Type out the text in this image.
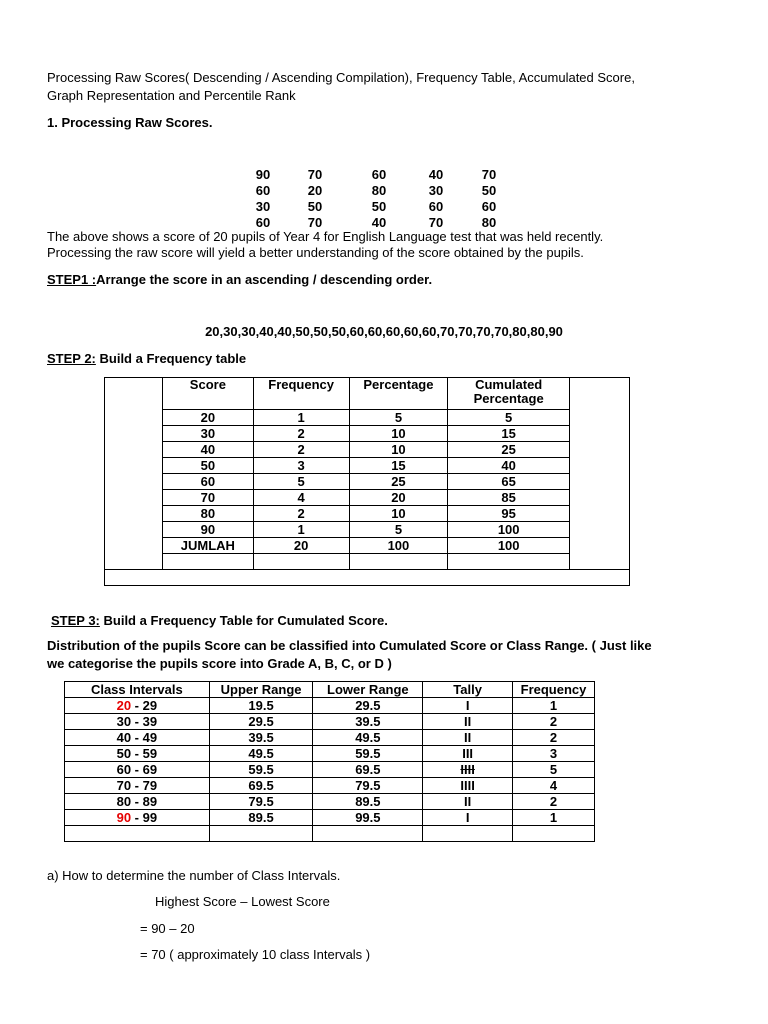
Processing Raw Scores( Descending / Ascending Compilation), Frequency Table, Accumulated Score,
Graph Representation and Percentile Rank
1. Processing Raw Scores.
90	70	60	40	70
60	20	80	30	50
30	50	50	60	60
60	70	40	70	80
The above shows a score of 20 pupils of Year 4 for English Language test that was held recently.
Processing the raw score will yield a better understanding of the score obtained by the pupils.
STEP1 :Arrange the score in an ascending / descending order.
20,30,30,40,40,50,50,50,60,60,60,60,60,70,70,70,70,80,80,90
STEP 2: Build a Frequency table
Score	Frequency	Percentage	Cumulated Percentage
20	1	5	5
30	2	10	15
40	2	10	25
50	3	15	40
60	5	25	65
70	4	20	85
80	2	10	95
90	1	5	100
JUMLAH	20	100	100

STEP 3: Build a Frequency Table for Cumulated Score.
Distribution of the pupils Score can be classified into Cumulated Score or Class Range. ( Just like
we categorise the pupils score into Grade A, B, C, or D )
Class Intervals	Upper Range	Lower Range	Tally	Frequency
20 - 29	19.5	29.5	I	1
30 - 39	29.5	39.5	II	2
40 - 49	39.5	49.5	II	2
50 - 59	49.5	59.5	III	3
60 - 69	59.5	69.5	IIII	5
70 - 79	69.5	79.5	IIII	4
80 - 89	79.5	89.5	II	2
90 - 99	89.5	99.5	I	1

a) How to determine the number of Class Intervals.
Highest Score – Lowest Score
= 90 – 20
= 70 ( approximately 10 class Intervals )
